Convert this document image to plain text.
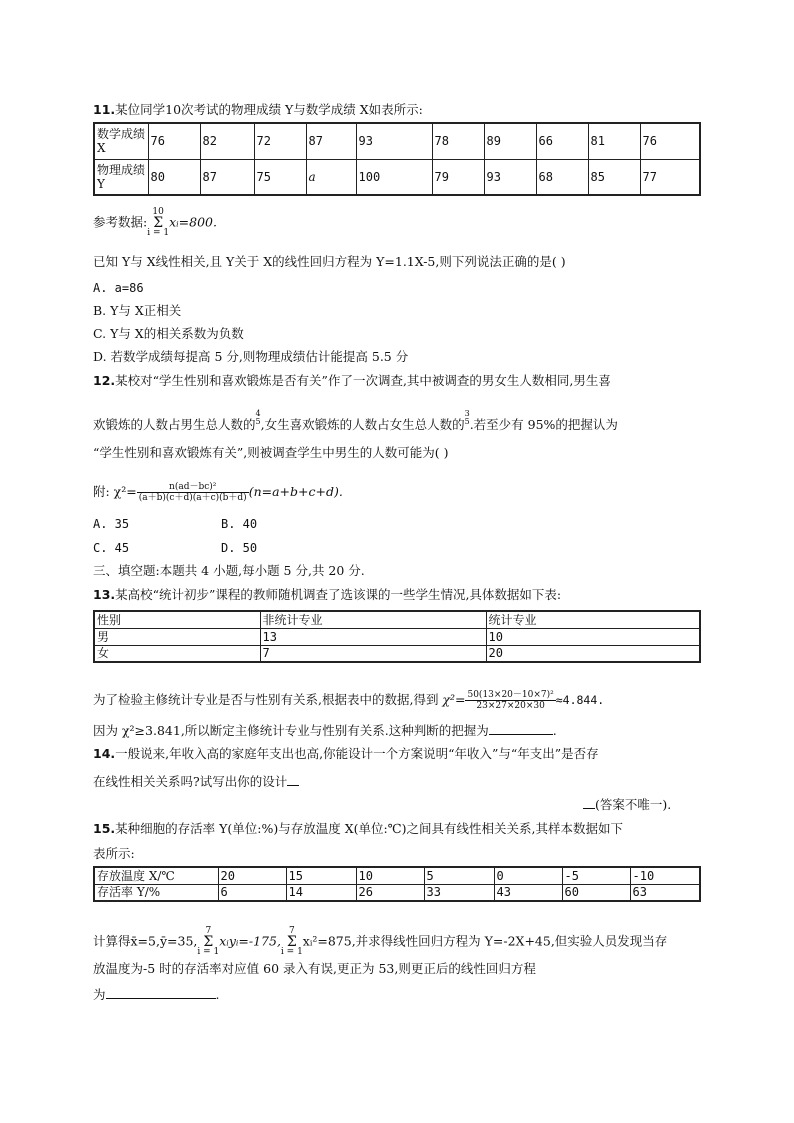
11.某位同学10次考试的物理成绩 Y与数学成绩 X如表所示:
数学成绩 X	76	82	72	87	93	78	89	66	81	76
物理成绩 Y	80	87	75	a	100	79	93	68	85	77
参考数据:10
Σ
i = 1xᵢ=800.
已知 Y与 X线性相关,且 Y关于 X的线性回归方程为 Y=1.1X-5,则下列说法正确的是( )
A. a=86
B. Y与 X正相关
C. Y与 X的相关系数为负数
D. 若数学成绩每提高 5 分,则物理成绩估计能提高 5.5 分
12.某校对“学生性别和喜欢锻炼是否有关”作了一次调查,其中被调查的男女生人数相同,男生喜
欢锻炼的人数占男生总人数的
4
5 ,女生喜欢锻炼的人数占女生总人数的
3
5 .若至少有 95%的把握认为
“学生性别和喜欢锻炼有关”,则被调查学生中男生的人数可能为( )
附: $\chi^2= \frac{\text{n(ad－bc)²}}{(a+b)(c+d)(a+c)(b+d)} (n=a+b+c+d)$.
A. 35	B. 40
C. 45	D. 50
三、填空题:本题共 4 小题,每小题 5 分,共 20 分.
13.某高校“统计初步”课程的教师随机调查了选该课的一些学生情况,具体数据如下表:
性别	非统计专业	统计专业
男	13	10
女	7	20
为了检验主修统计专业是否与性别有关系,根据表中的数据,得到 $\chi^2= \frac{\text{50(13×20－10×7)²}}{23\times 27\times 20\times 30} \approx 4.844$.
因为 χ²≥3.841,所以断定主修统计专业与性别有关系.这种判断的把握为	.
14.一般说来,年收入高的家庭年支出也高,你能设计一个方案说明“年收入”与“年支出”是否存
在线性相关关系吗?试写出你的设计
(答案不唯一).
15.某种细胞的存活率 Y(单位:%)与存放温度 X(单位:℃)之间具有线性相关关系,其样本数据如下
表所示:
存放温度 X/℃	20	15	10	5	0	-5	-10
存活率 Y/%	6	14	26	33	43	60	63
计算得x̄=5,ȳ=35,7
Σ
i = 1xᵢyᵢ=-175,7
Σ
i = 1xᵢ²=875,并求得线性回归方程为 Y=-2X+45,但实验人员发现当存
放温度为-5 时的存活率对应值 60 录入有误,更正为 53,则更正后的线性回归方程
为	.
